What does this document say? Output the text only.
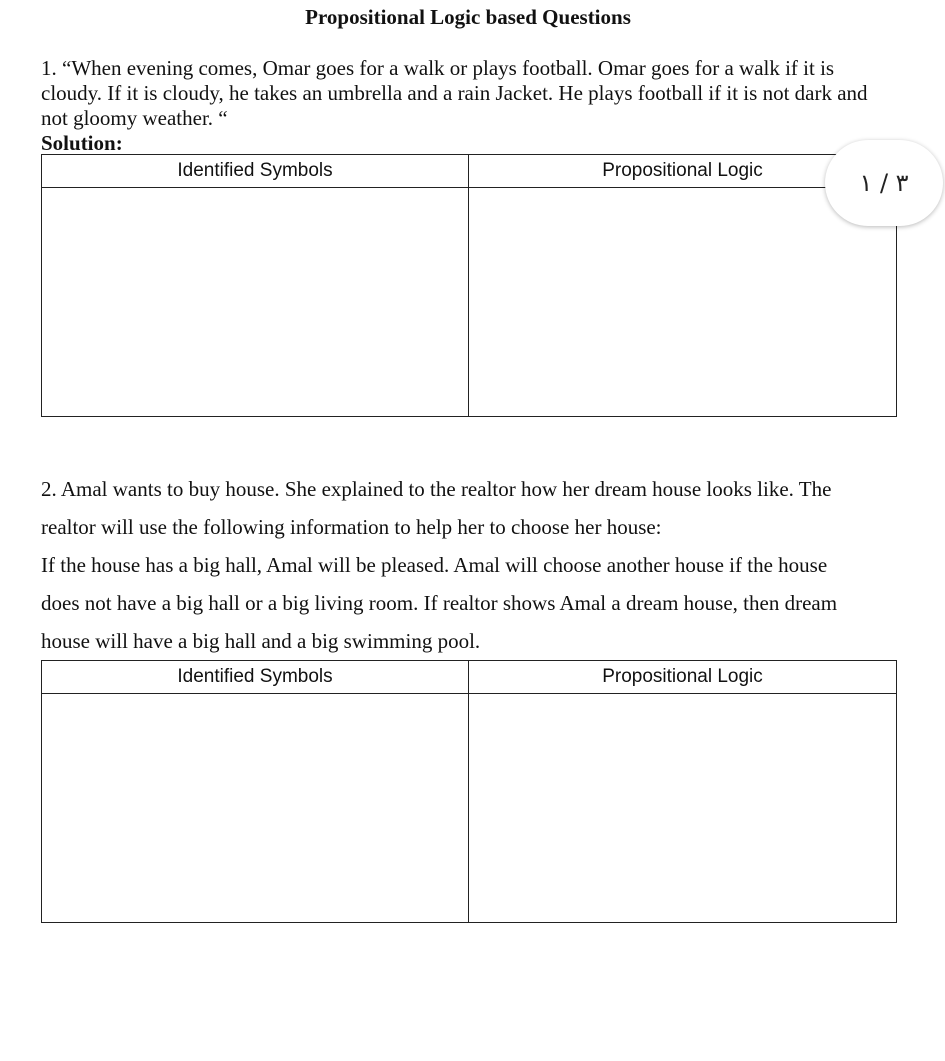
Propositional Logic based Questions
1. “When evening comes, Omar goes for a walk or plays football. Omar goes for a walk if it is cloudy. If it is cloudy, he takes an umbrella and a rain Jacket. He plays football if it is not dark and not gloomy weather. “
Solution:
Identified Symbols	Propositional Logic

2. Amal wants to buy house. She explained to the realtor how her dream house looks like. The
realtor will use the following information to help her to choose her house:
If the house has a big hall, Amal will be pleased. Amal will choose another house if the house
does not have a big hall or a big living room. If realtor shows Amal a dream house, then dream
house will have a big hall and a big swimming pool.
Identified Symbols	Propositional Logic

٣ / ١
